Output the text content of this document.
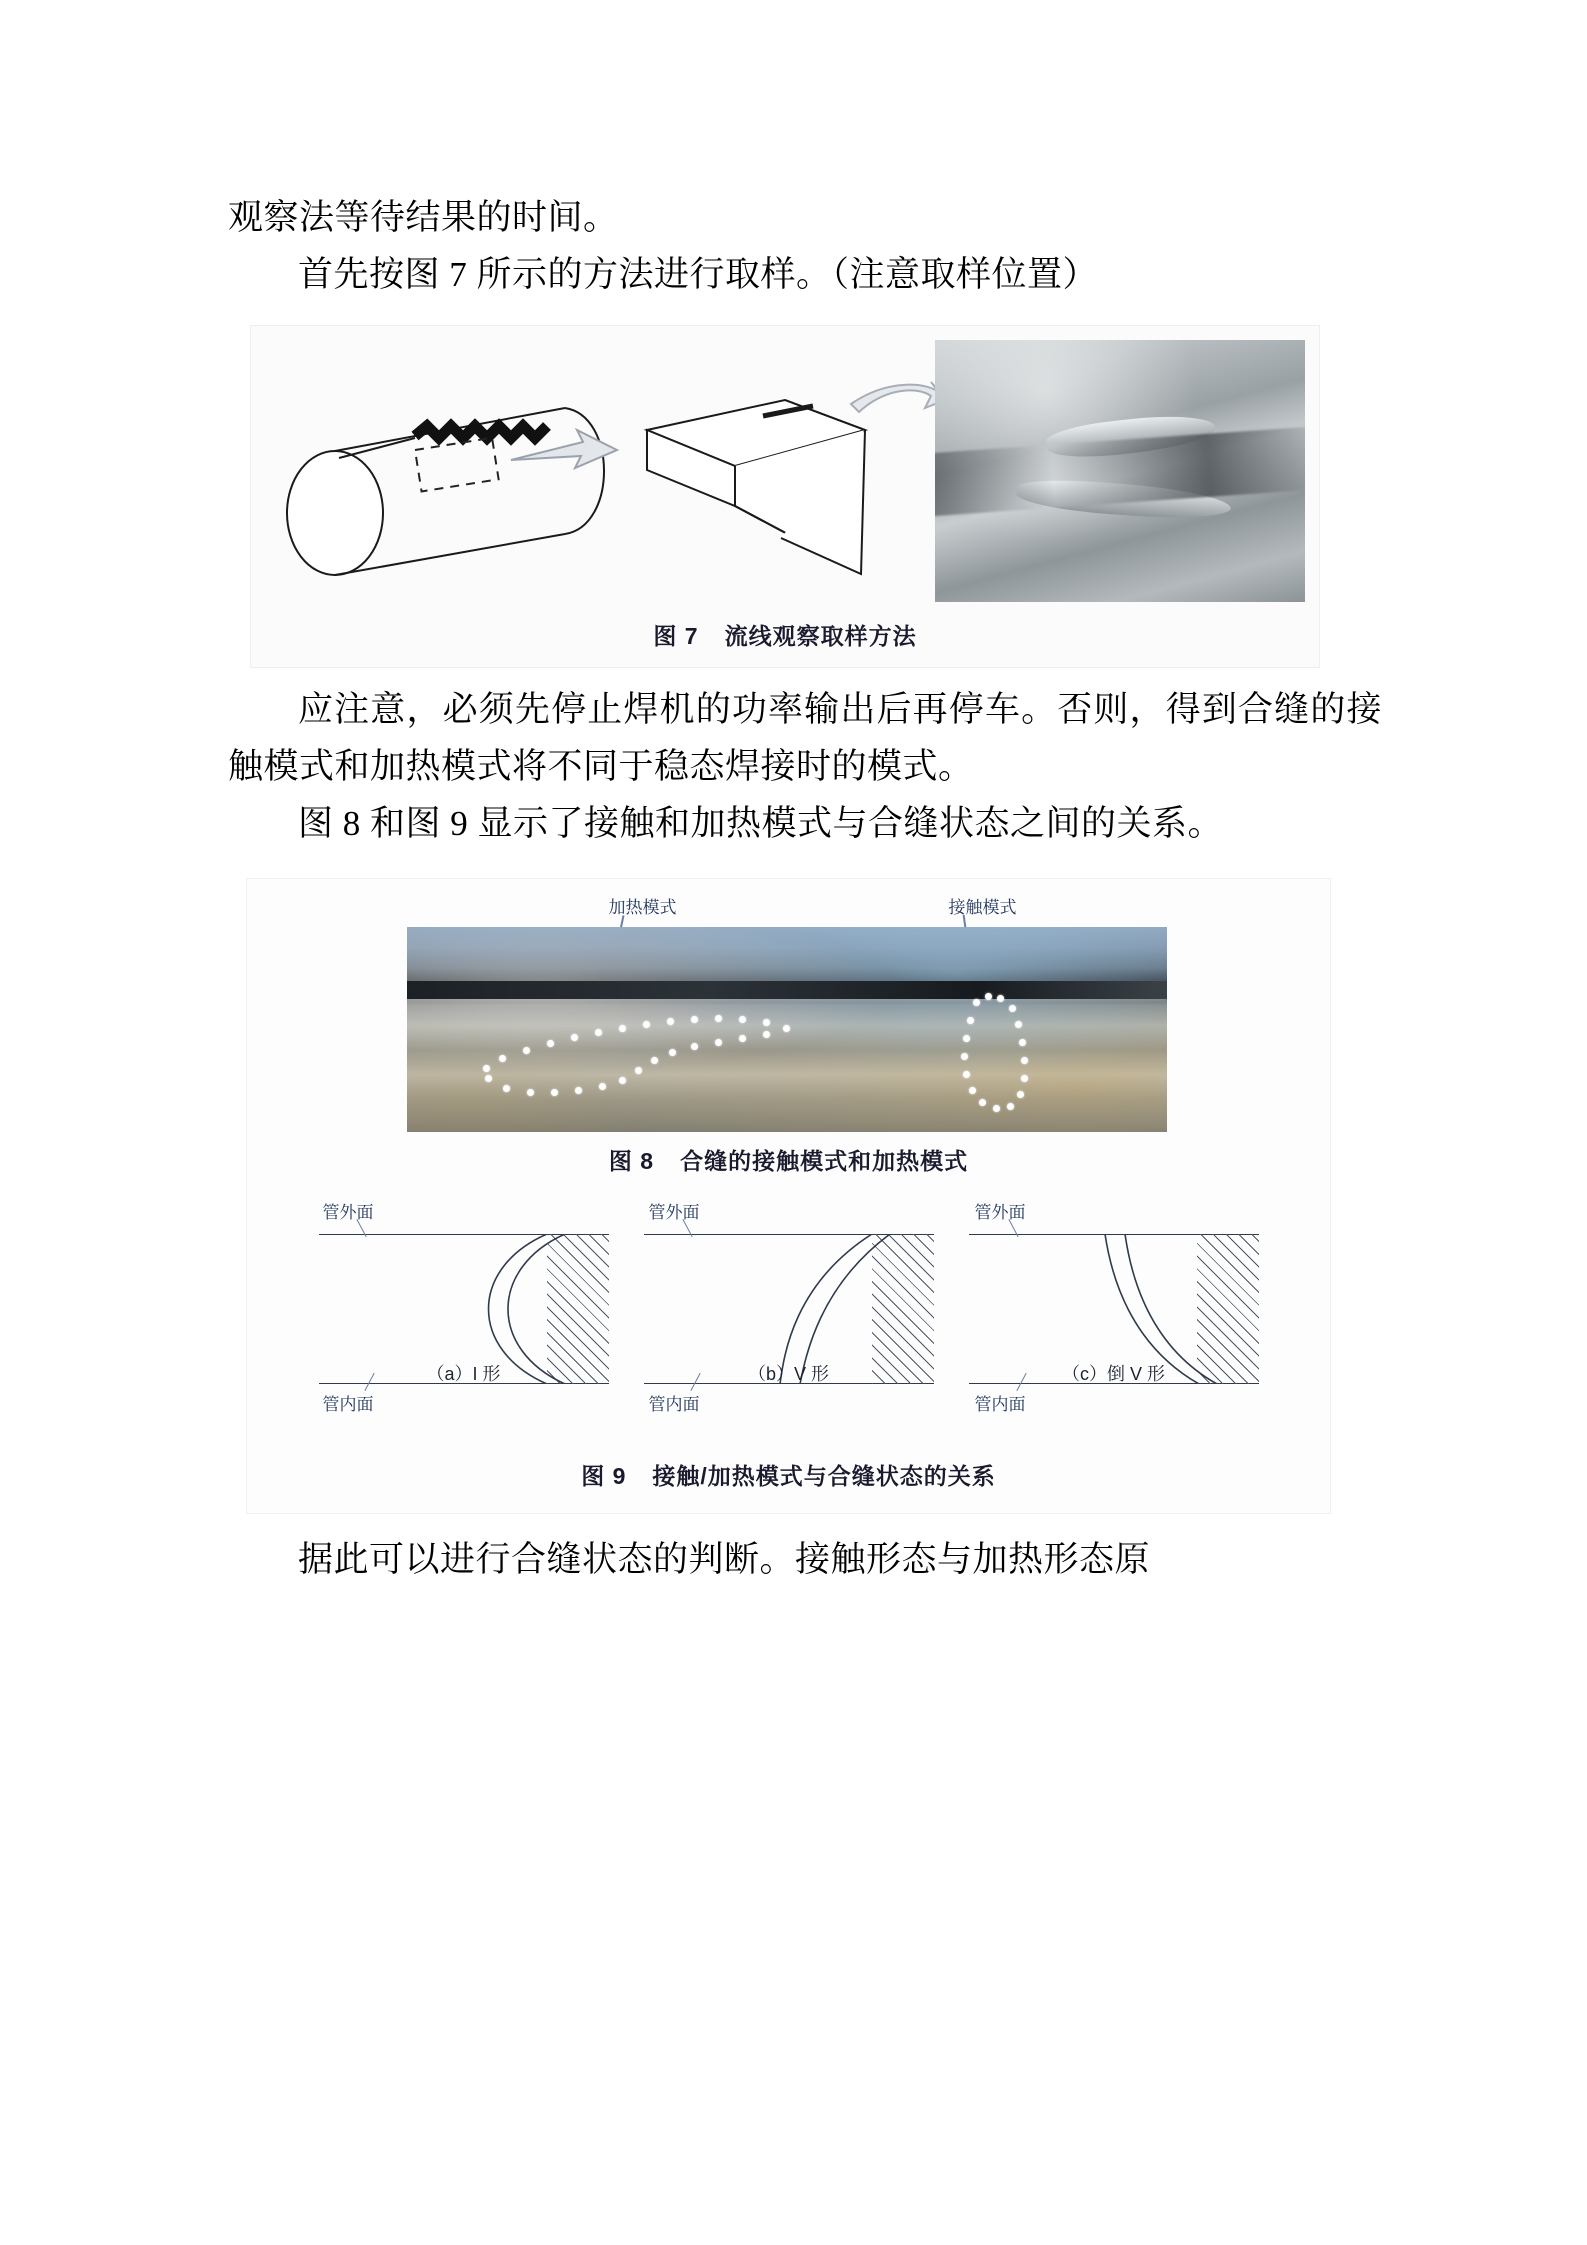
观察法等待结果的时间。

首先按图 7 所示的方法进行取样。（注意取样位置）

图 7 流线观察取样方法

应注意，必须先停止焊机的功率输出后再停车。否则，得到合缝的接触模式和加热模式将不同于稳态焊接时的模式。

图 8 和图 9 显示了接触和加热模式与合缝状态之间的关系。

加热模式	接触模式
图 8 合缝的接触模式和加热模式
（a）I 形	（b）V 形	（c）倒 V 形
管外面
管内面
管外面
管内面
管外面
管内面
图 9 接触/加热模式与合缝状态的关系

据此可以进行合缝状态的判断。接触形态与加热形态原
